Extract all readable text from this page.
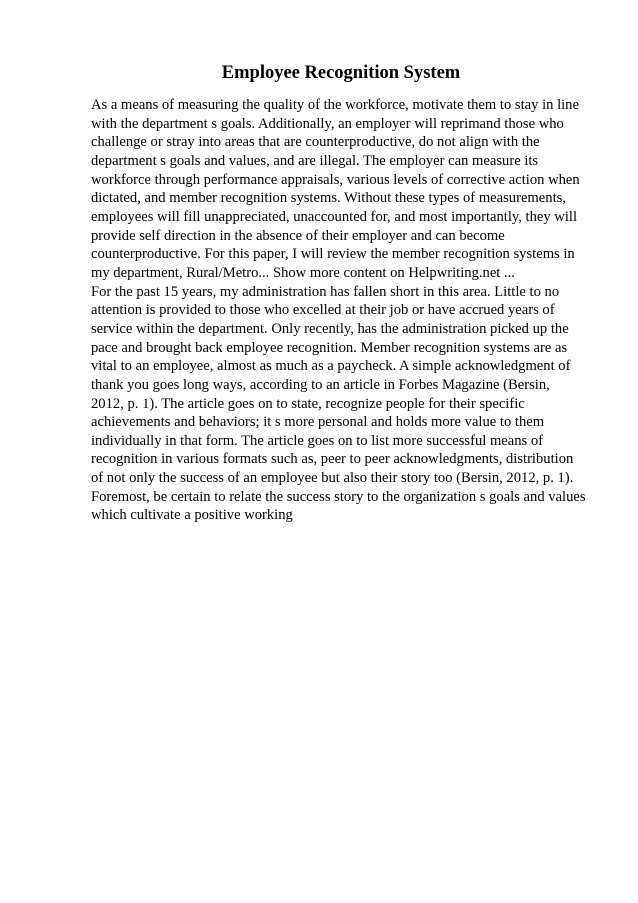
Employee Recognition System
As a means of measuring the quality of the workforce, motivate them to stay in line
with the department s goals. Additionally, an employer will reprimand those who
challenge or stray into areas that are counterproductive, do not align with the
department s goals and values, and are illegal. The employer can measure its
workforce through performance appraisals, various levels of corrective action when
dictated, and member recognition systems. Without these types of measurements,
employees will fill unappreciated, unaccounted for, and most importantly, they will
provide self direction in the absence of their employer and can become
counterproductive. For this paper, I will review the member recognition systems in
my department, Rural/Metro... Show more content on Helpwriting.net ...
For the past 15 years, my administration has fallen short in this area. Little to no
attention is provided to those who excelled at their job or have accrued years of
service within the department. Only recently, has the administration picked up the
pace and brought back employee recognition. Member recognition systems are as
vital to an employee, almost as much as a paycheck. A simple acknowledgment of
thank you goes long ways, according to an article in Forbes Magazine (Bersin,
2012, p. 1). The article goes on to state, recognize people for their specific
achievements and behaviors; it s more personal and holds more value to them
individually in that form. The article goes on to list more successful means of
recognition in various formats such as, peer to peer acknowledgments, distribution
of not only the success of an employee but also their story too (Bersin, 2012, p. 1).
Foremost, be certain to relate the success story to the organization s goals and values
which cultivate a positive working
